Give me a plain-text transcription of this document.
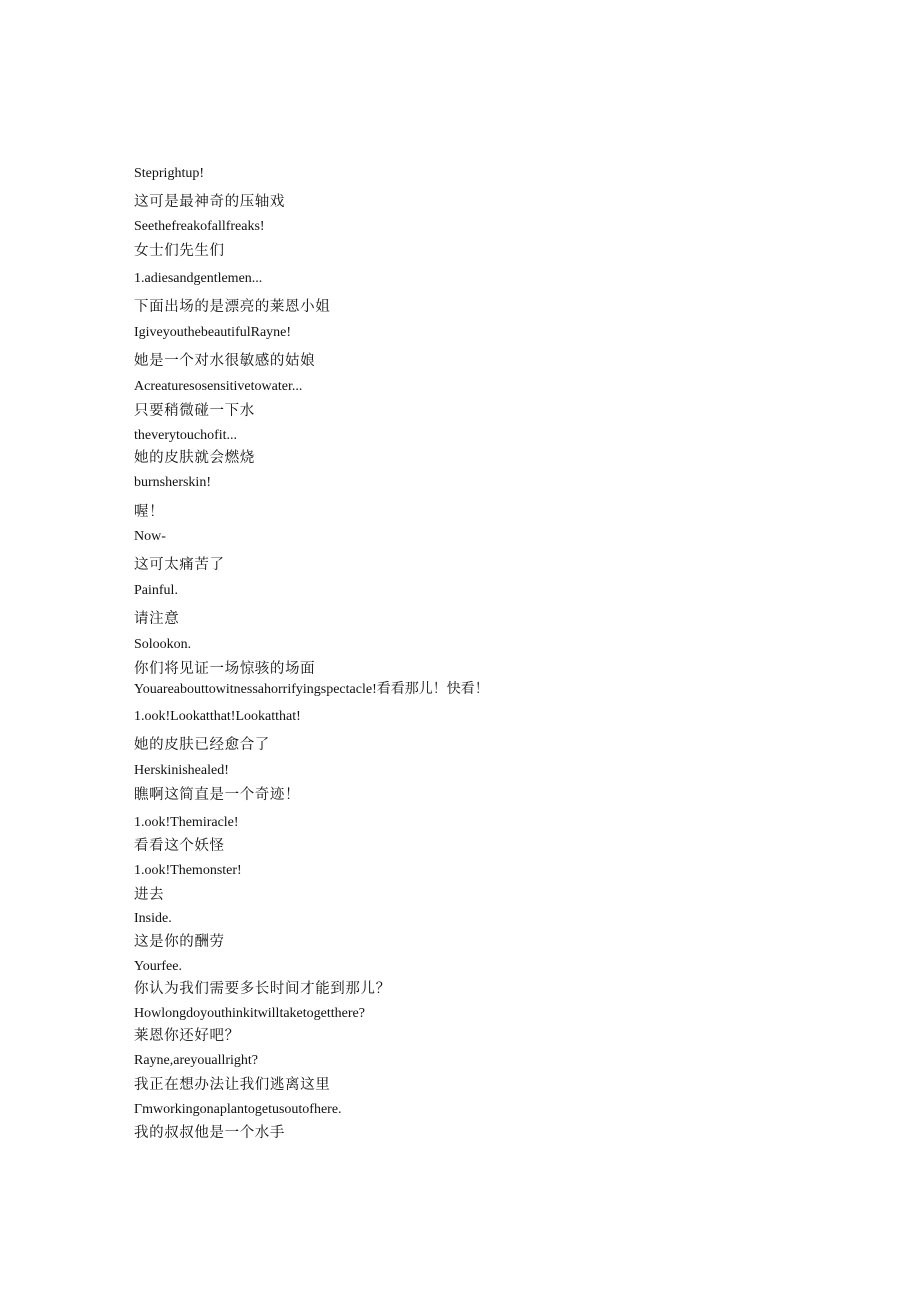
Steprightup!
这可是最神奇的压轴戏
Seethefreakofallfreaks!
女士们先生们
1.adiesandgentlemen...
下面出场的是漂亮的莱恩小姐
IgiveyouthebeautifulRayne!
她是一个对水很敏感的姑娘
Acreaturesosensitivetowater...
只要稍微碰一下水
theverytouchofit...
她的皮肤就会燃烧
burnsherskin!
喔！
Now-
这可太痛苦了
Painful.
请注意
Solookon.
你们将见证一场惊骇的场面
Youareabouttowitnessahorrifyingspectacle!看看那儿！快看！
1.ook!Lookatthat!Lookatthat!
她的皮肤已经愈合了
Herskinishealed!
瞧啊这简直是一个奇迹！
1.ook!Themiracle!
看看这个妖怪
1.ook!Themonster!
进去
Inside.
这是你的酬劳
Yourfee.
你认为我们需要多长时间才能到那儿？
Howlongdoyouthinkitwilltaketogetthere?
莱恩你还好吧？
Rayne,areyouallright?
我正在想办法让我们逃离这里
Γmworkingonaplantogetusoutofhere.
我的叔叔他是一个水手
